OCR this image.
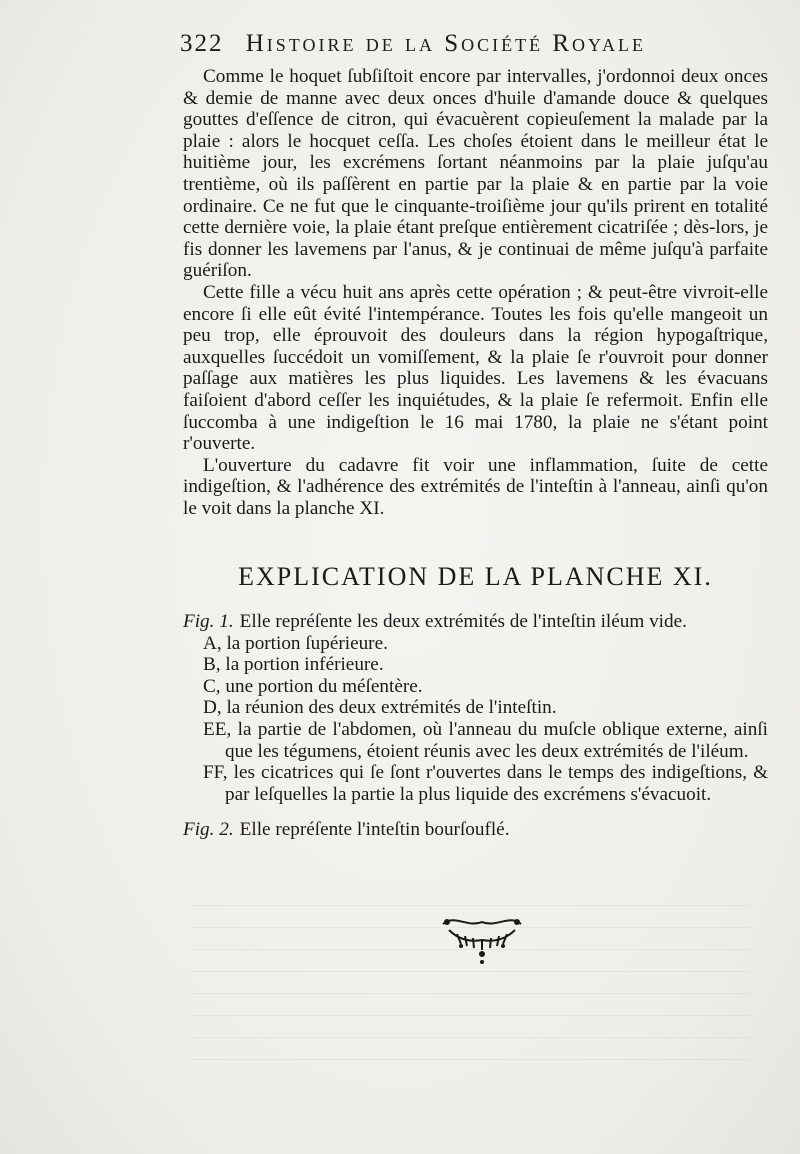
322 Histoire de la Société Royale

Comme le hoquet ſubſiſtoit encore par intervalles, j'ordonnoi deux onces & demie de manne avec deux onces d'huile d'amande douce & quelques gouttes d'eſſence de citron, qui évacuèrent copieuſement la malade par la plaie : alors le hocquet ceſſa. Les choſes étoient dans le meilleur état le huitième jour, les excrémens ſortant néanmoins par la plaie juſqu'au trentième, où ils paſſèrent en partie par la plaie & en partie par la voie ordinaire. Ce ne fut que le cinquante-troiſième jour qu'ils prirent en totalité cette dernière voie, la plaie étant preſque entièrement cicatriſée ; dès-lors, je fis donner les lavemens par l'anus, & je continuai de même juſqu'à parfaite guériſon.

Cette fille a vécu huit ans après cette opération ; & peut-être vivroit-elle encore ſi elle eût évité l'intempérance. Toutes les fois qu'elle mangeoit un peu trop, elle éprouvoit des douleurs dans la région hypogaſtrique, auxquelles ſuccédoit un vomiſſement, & la plaie ſe r'ouvroit pour donner paſſage aux matières les plus liquides. Les lavemens & les évacuans faiſoient d'abord ceſſer les inquiétudes, & la plaie ſe refermoit. Enfin elle ſuccomba à une indigeſtion le 16 mai 1780, la plaie ne s'étant point r'ouverte.

L'ouverture du cadavre fit voir une inflammation, ſuite de cette indigeſtion, & l'adhérence des extrémités de l'inteſtin à l'anneau, ainſi qu'on le voit dans la planche XI.

EXPLICATION DE LA PLANCHE XI.

Fig. 1. Elle repréſente les deux extrémités de l'inteſtin iléum vide.

A, la portion ſupérieure.

B, la portion inférieure.

C, une portion du méſentère.

D, la réunion des deux extrémités de l'inteſtin.

EE, la partie de l'abdomen, où l'anneau du muſcle oblique externe, ainſi que les tégumens, étoient réunis avec les deux extrémités de l'iléum.

FF, les cicatrices qui ſe ſont r'ouvertes dans le temps des indigeſtions, & par leſquelles la partie la plus liquide des excrémens s'évacuoit.

Fig. 2. Elle repréſente l'inteſtin bourſouflé.
